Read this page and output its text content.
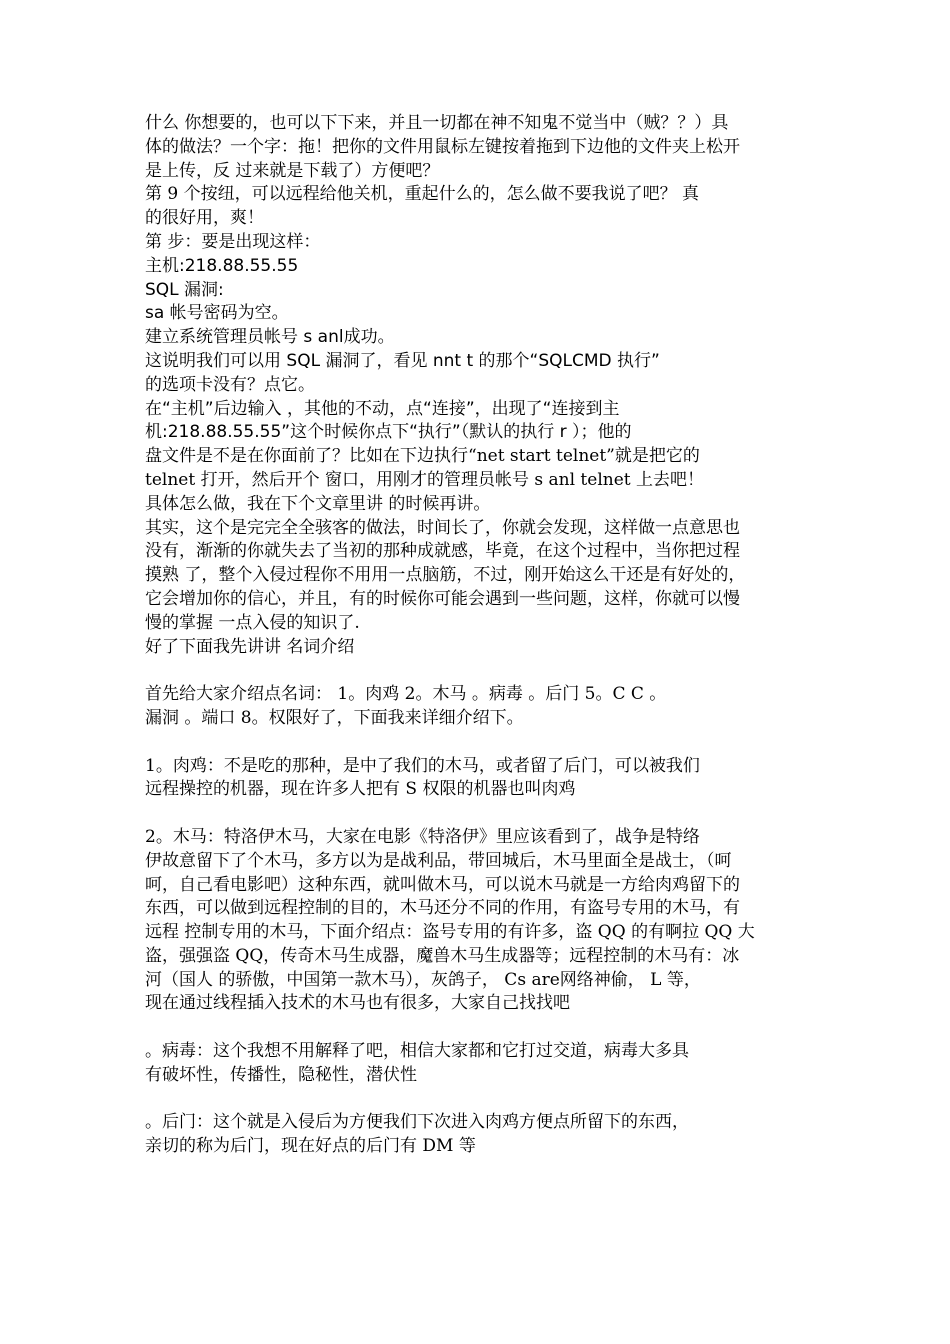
什么 你想要的，也可以下下来，并且一切都在神不知鬼不觉当中（贼？？）具
体的做法？一个字：拖！把你的文件用鼠标左键按着拖到下边他的文件夹上松开
是上传，反 过来就是下载了）方便吧？
第 9 个按纽，可以远程给他关机，重起什么的，怎么做不要我说了吧？ 真
的很好用，爽！
第 步：要是出现这样：
主机:218.88.55.55
SQL 漏洞:
sa 帐号密码为空。
建立系统管理员帐号 s anl成功。
这说明我们可以用 SQL 漏洞了，看见 nnt t 的那个“SQLCMD 执行”
的选项卡没有？点它。
在“主机”后边输入 ，其他的不动，点“连接”，出现了“连接到主
机:218.88.55.55”这个时候你点下“执行”（默认的执行 r ）；他的
盘文件是不是在你面前了？比如在下边执行“net start telnet”就是把它的
telnet 打开，然后开个 窗口，用刚才的管理员帐号 s anl telnet 上去吧！
具体怎么做，我在下个文章里讲 的时候再讲。
其实，这个是完完全全骇客的做法，时间长了，你就会发现，这样做一点意思也
没有，渐渐的你就失去了当初的那种成就感，毕竟，在这个过程中，当你把过程
摸熟 了，整个入侵过程你不用用一点脑筋，不过，刚开始这么干还是有好处的，
它会增加你的信心，并且，有的时候你可能会遇到一些问题，这样，你就可以慢
慢的掌握 一点入侵的知识了.
好了下面我先讲讲 名词介绍
首先给大家介绍点名词： 1。肉鸡 2。木马 。病毒 。后门 5。C C 。
漏洞 。端口 8。权限好了，下面我来详细介绍下。
1。肉鸡：不是吃的那种，是中了我们的木马，或者留了后门，可以被我们
远程操控的机器，现在许多人把有 S 权限的机器也叫肉鸡
2。木马：特洛伊木马，大家在电影《特洛伊》里应该看到了，战争是特络
伊故意留下了个木马，多方以为是战利品，带回城后，木马里面全是战士，（呵
呵，自己看电影吧）这种东西，就叫做木马，可以说木马就是一方给肉鸡留下的
东西，可以做到远程控制的目的，木马还分不同的作用，有盗号专用的木马，有
远程 控制专用的木马，下面介绍点：盗号专用的有许多，盗 QQ 的有啊拉 QQ 大
盗，强强盗 QQ，传奇木马生成器，魔兽木马生成器等；远程控制的木马有：冰
河（国人 的骄傲，中国第一款木马），灰鸽子， Cs are网络神偷， L 等，
现在通过线程插入技术的木马也有很多，大家自己找找吧
。病毒：这个我想不用解释了吧，相信大家都和它打过交道，病毒大多具
有破坏性，传播性，隐秘性，潜伏性
。后门：这个就是入侵后为方便我们下次进入肉鸡方便点所留下的东西，
亲切的称为后门，现在好点的后门有 DM 等
